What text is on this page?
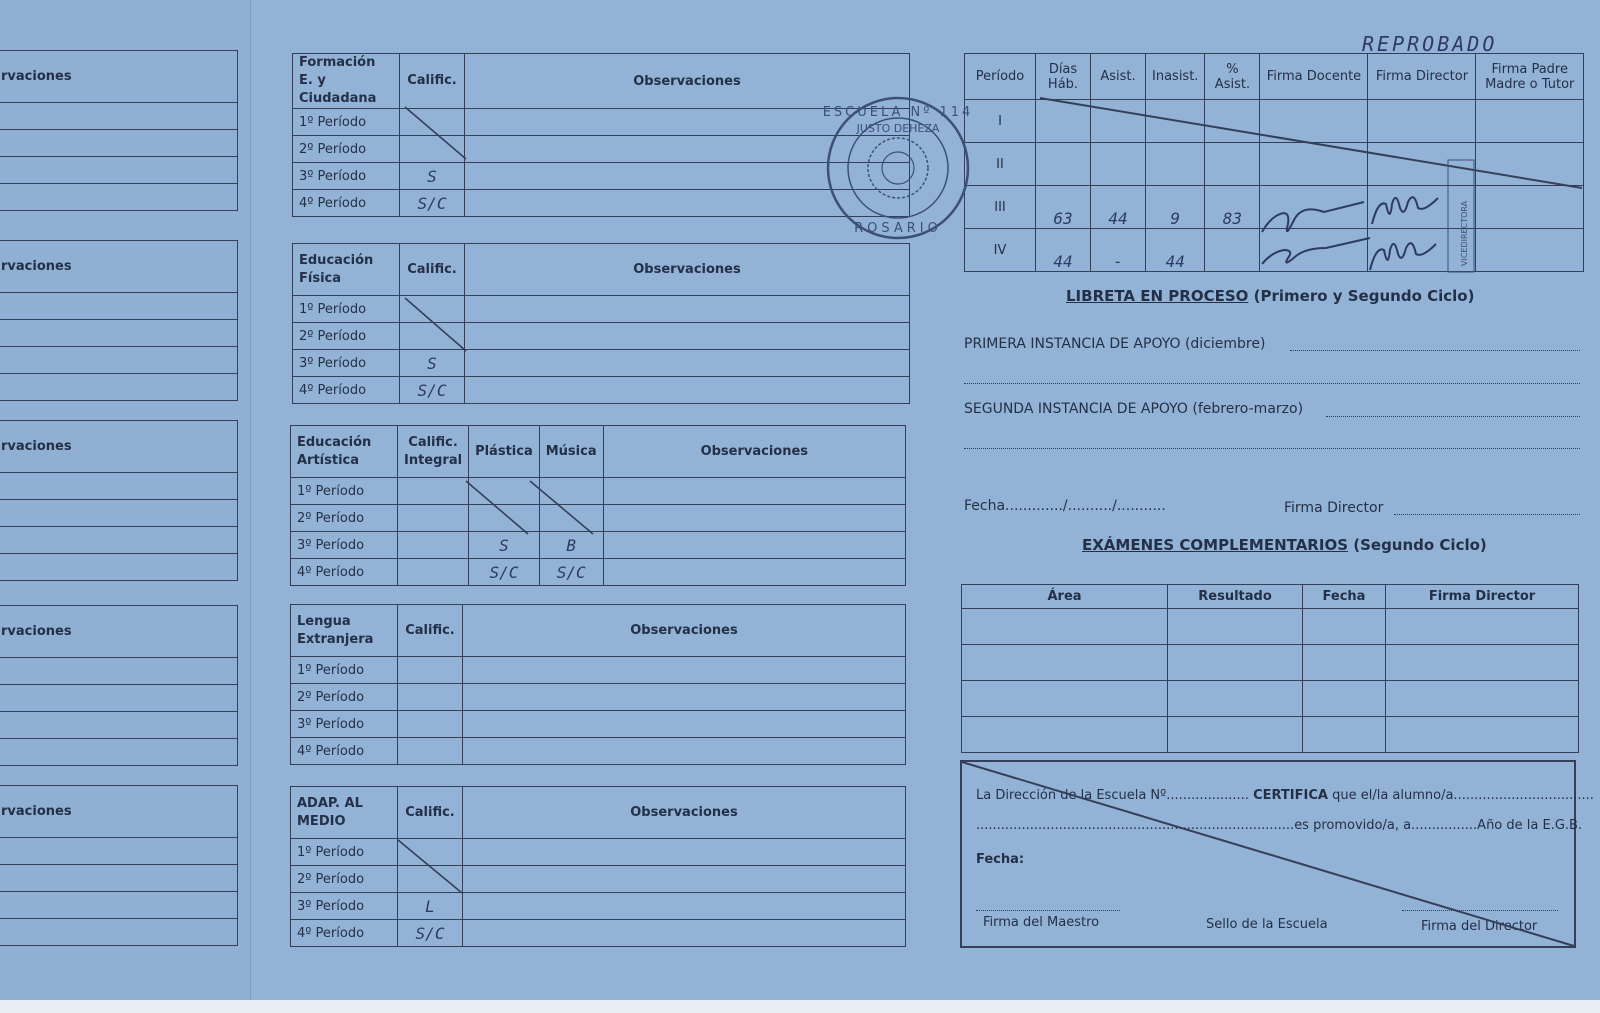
rvaciones

rvaciones

rvaciones

rvaciones

rvaciones

Formación E. y Ciudadana	Calific.	Observaciones
1º Período		
2º Período		
3º Período	S	
4º Período	S/C	
Educación Física	Calific.	Observaciones
1º Período		
2º Período		
3º Período	S	
4º Período	S/C	
Educación Artística	Calific. Integral	Plástica	Música	Observaciones
1º Período				
2º Período				
3º Período		S	B	
4º Período		S/C	S/C	
Lengua Extranjera	Calific.	Observaciones
1º Período		
2º Período		
3º Período		
4º Período		
ADAP. AL MEDIO	Calific.	Observaciones
1º Período		
2º Período		
3º Período	L	
4º Período	S/C	
REPROBADO
Período	Días Háb.	Asist.	Inasist.	% Asist.	Firma Docente	Firma Director	Firma Padre Madre o Tutor
I							
II							
III	63	44	9	83			
IV	44	-	44				
LIBRETA EN PROCESO (Primero y Segundo Ciclo)
PRIMERA INSTANCIA DE APOYO (diciembre)
SEGUNDA INSTANCIA DE APOYO (febrero-marzo)
Fecha............./........../...........	Firma Director
EXÁMENES COMPLEMENTARIOS (Segundo Ciclo)
Área	Resultado	Fecha	Firma Director

La Dirección de la Escuela Nº.................... CERTIFICA que el/la alumno/a..................................
.............................................................................es promovido/a, a................Año de la E.G.B.
Fecha:
Firma del Maestro	Sello de la Escuela	Firma del Director
ESCUELA Nº 114
JUSTO DEHEZA
ROSARIO	VICEDIRECTORA
